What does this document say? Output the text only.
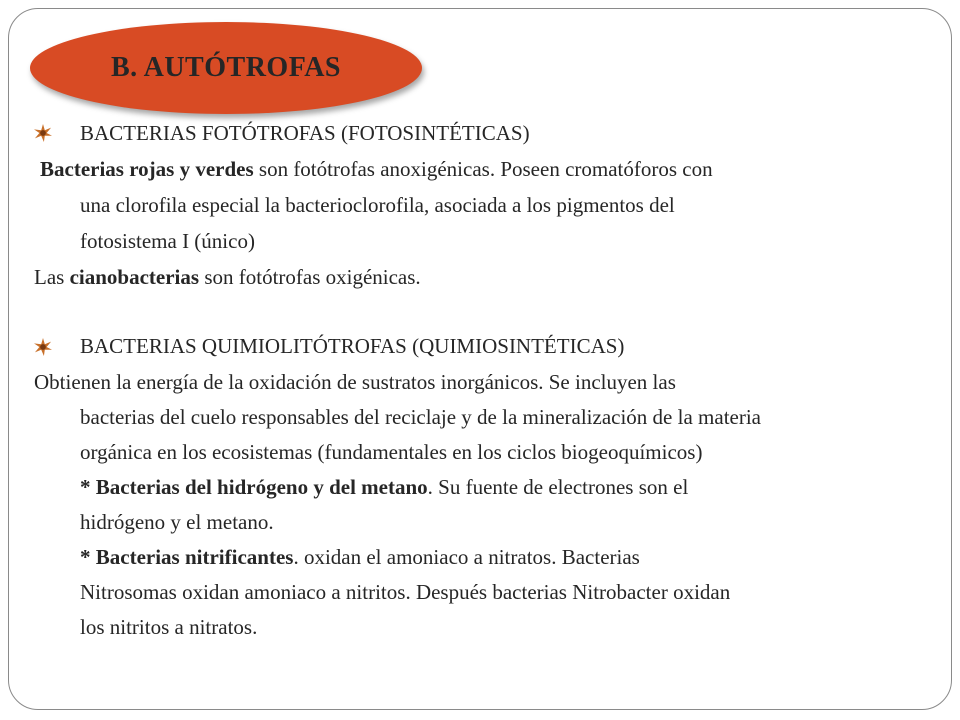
B. AUTÓTROFAS
BACTERIAS FOTÓTROFAS (FOTOSINTÉTICAS)
Bacterias rojas y verdes son fotótrofas anoxigénicas. Poseen cromatóforos con
una clorofila especial la bacterioclorofila, asociada a los pigmentos del
fotosistema I (único)
Las cianobacterias son fotótrofas oxigénicas.
BACTERIAS QUIMIOLITÓTROFAS (QUIMIOSINTÉTICAS)
Obtienen la energía de la oxidación de sustratos inorgánicos. Se incluyen las
bacterias del cuelo responsables del reciclaje y de la mineralización de la materia
orgánica en los ecosistemas (fundamentales en los ciclos biogeoquímicos)
* Bacterias del hidrógeno y del metano. Su fuente de electrones son el
hidrógeno y el metano.
* Bacterias nitrificantes. oxidan el amoniaco a nitratos. Bacterias
Nitrosomas oxidan amoniaco a nitritos. Después bacterias Nitrobacter oxidan
los nitritos a nitratos.
